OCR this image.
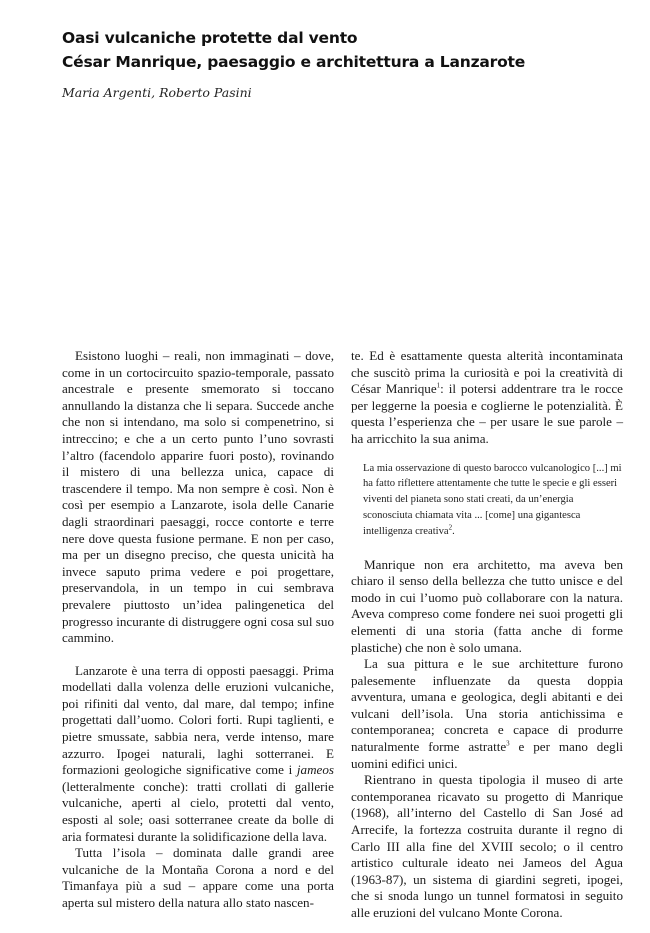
Oasi vulcaniche protette dal vento
César Manrique, paesaggio e architettura a Lanzarote
Maria Argenti, Roberto Pasini

Esistono luoghi – reali, non immaginati – dove, come in un cortocircuito spazio-temporale, passato ancestrale e presente smemorato si toccano annullando la distanza che li separa. Succede anche che non si intendano, ma solo si compenetrino, si intreccino; e che a un certo punto l’uno sovrasti l’altro (facendolo apparire fuori posto), rovinando il mistero di una bellezza unica, capace di trascendere il tempo. Ma non sempre è così. Non è così per esempio a Lanzarote, isola delle Canarie dagli straordinari paesaggi, rocce contorte e terre nere dove questa fusione permane. E non per caso, ma per un disegno preciso, che questa unicità ha invece saputo prima vedere e poi progettare, preservandola, in un tempo in cui sembrava prevalere piuttosto un’idea palingenetica del progresso incurante di distruggere ogni cosa sul suo cammino.

Lanzarote è una terra di opposti paesaggi. Prima modellati dalla volenza delle eruzioni vulcaniche, poi rifiniti dal vento, dal mare, dal tempo; infine progettati dall’uomo. Colori forti. Rupi taglienti, e pietre smussate, sabbia nera, verde intenso, mare azzurro. Ipogei naturali, laghi sotterranei. E formazioni geologiche significative come i jameos (letteralmente conche): tratti crollati di gallerie vulcaniche, aperti al cielo, protetti dal vento, esposti al sole; oasi sotterranee create da bolle di aria formatesi durante la solidificazione della lava.

Tutta l’isola – dominata dalle grandi aree vulcaniche de la Montaña Corona a nord e del Timanfaya più a sud – appare come una porta aperta sul mistero della natura allo stato nascen-

te. Ed è esattamente questa alterità incontaminata che suscitò prima la curiosità e poi la creatività di César Manrique$^1$: il potersi addentrare tra le rocce per leggerne la poesia e coglierne le potenzialità. È questa l’esperienza che – per usare le sue parole – ha arricchito la sua anima.

La mia osservazione di questo barocco vulcanologico [...] mi ha fatto riflettere attentamente che tutte le specie e gli esseri viventi del pianeta sono stati creati, da un’energia sconosciuta chiamata vita ... [come] una gigantesca intelligenza creativa$^2$.

Manrique non era architetto, ma aveva ben chiaro il senso della bellezza che tutto unisce e del modo in cui l’uomo può collaborare con la natura. Aveva compreso come fondere nei suoi progetti gli elementi di una storia (fatta anche di forme plastiche) che non è solo umana.

La sua pittura e le sue architetture furono palesemente influenzate da questa doppia avventura, umana e geologica, degli abitanti e dei vulcani dell’isola. Una storia antichissima e contemporanea; concreta e capace di produrre naturalmente forme astratte$^3$ e per mano degli uomini edifici unici.

Rientrano in questa tipologia il museo di arte contemporanea ricavato su progetto di Manrique (1968), all’interno del Castello di San José ad Arrecife, la fortezza costruita durante il regno di Carlo III alla fine del XVIII secolo; o il centro artistico culturale ideato nei Jameos del Agua (1963-87), un sistema di giardini segreti, ipogei, che si snoda lungo un tunnel formatosi in seguito alle eruzioni del vulcano Monte Corona.
